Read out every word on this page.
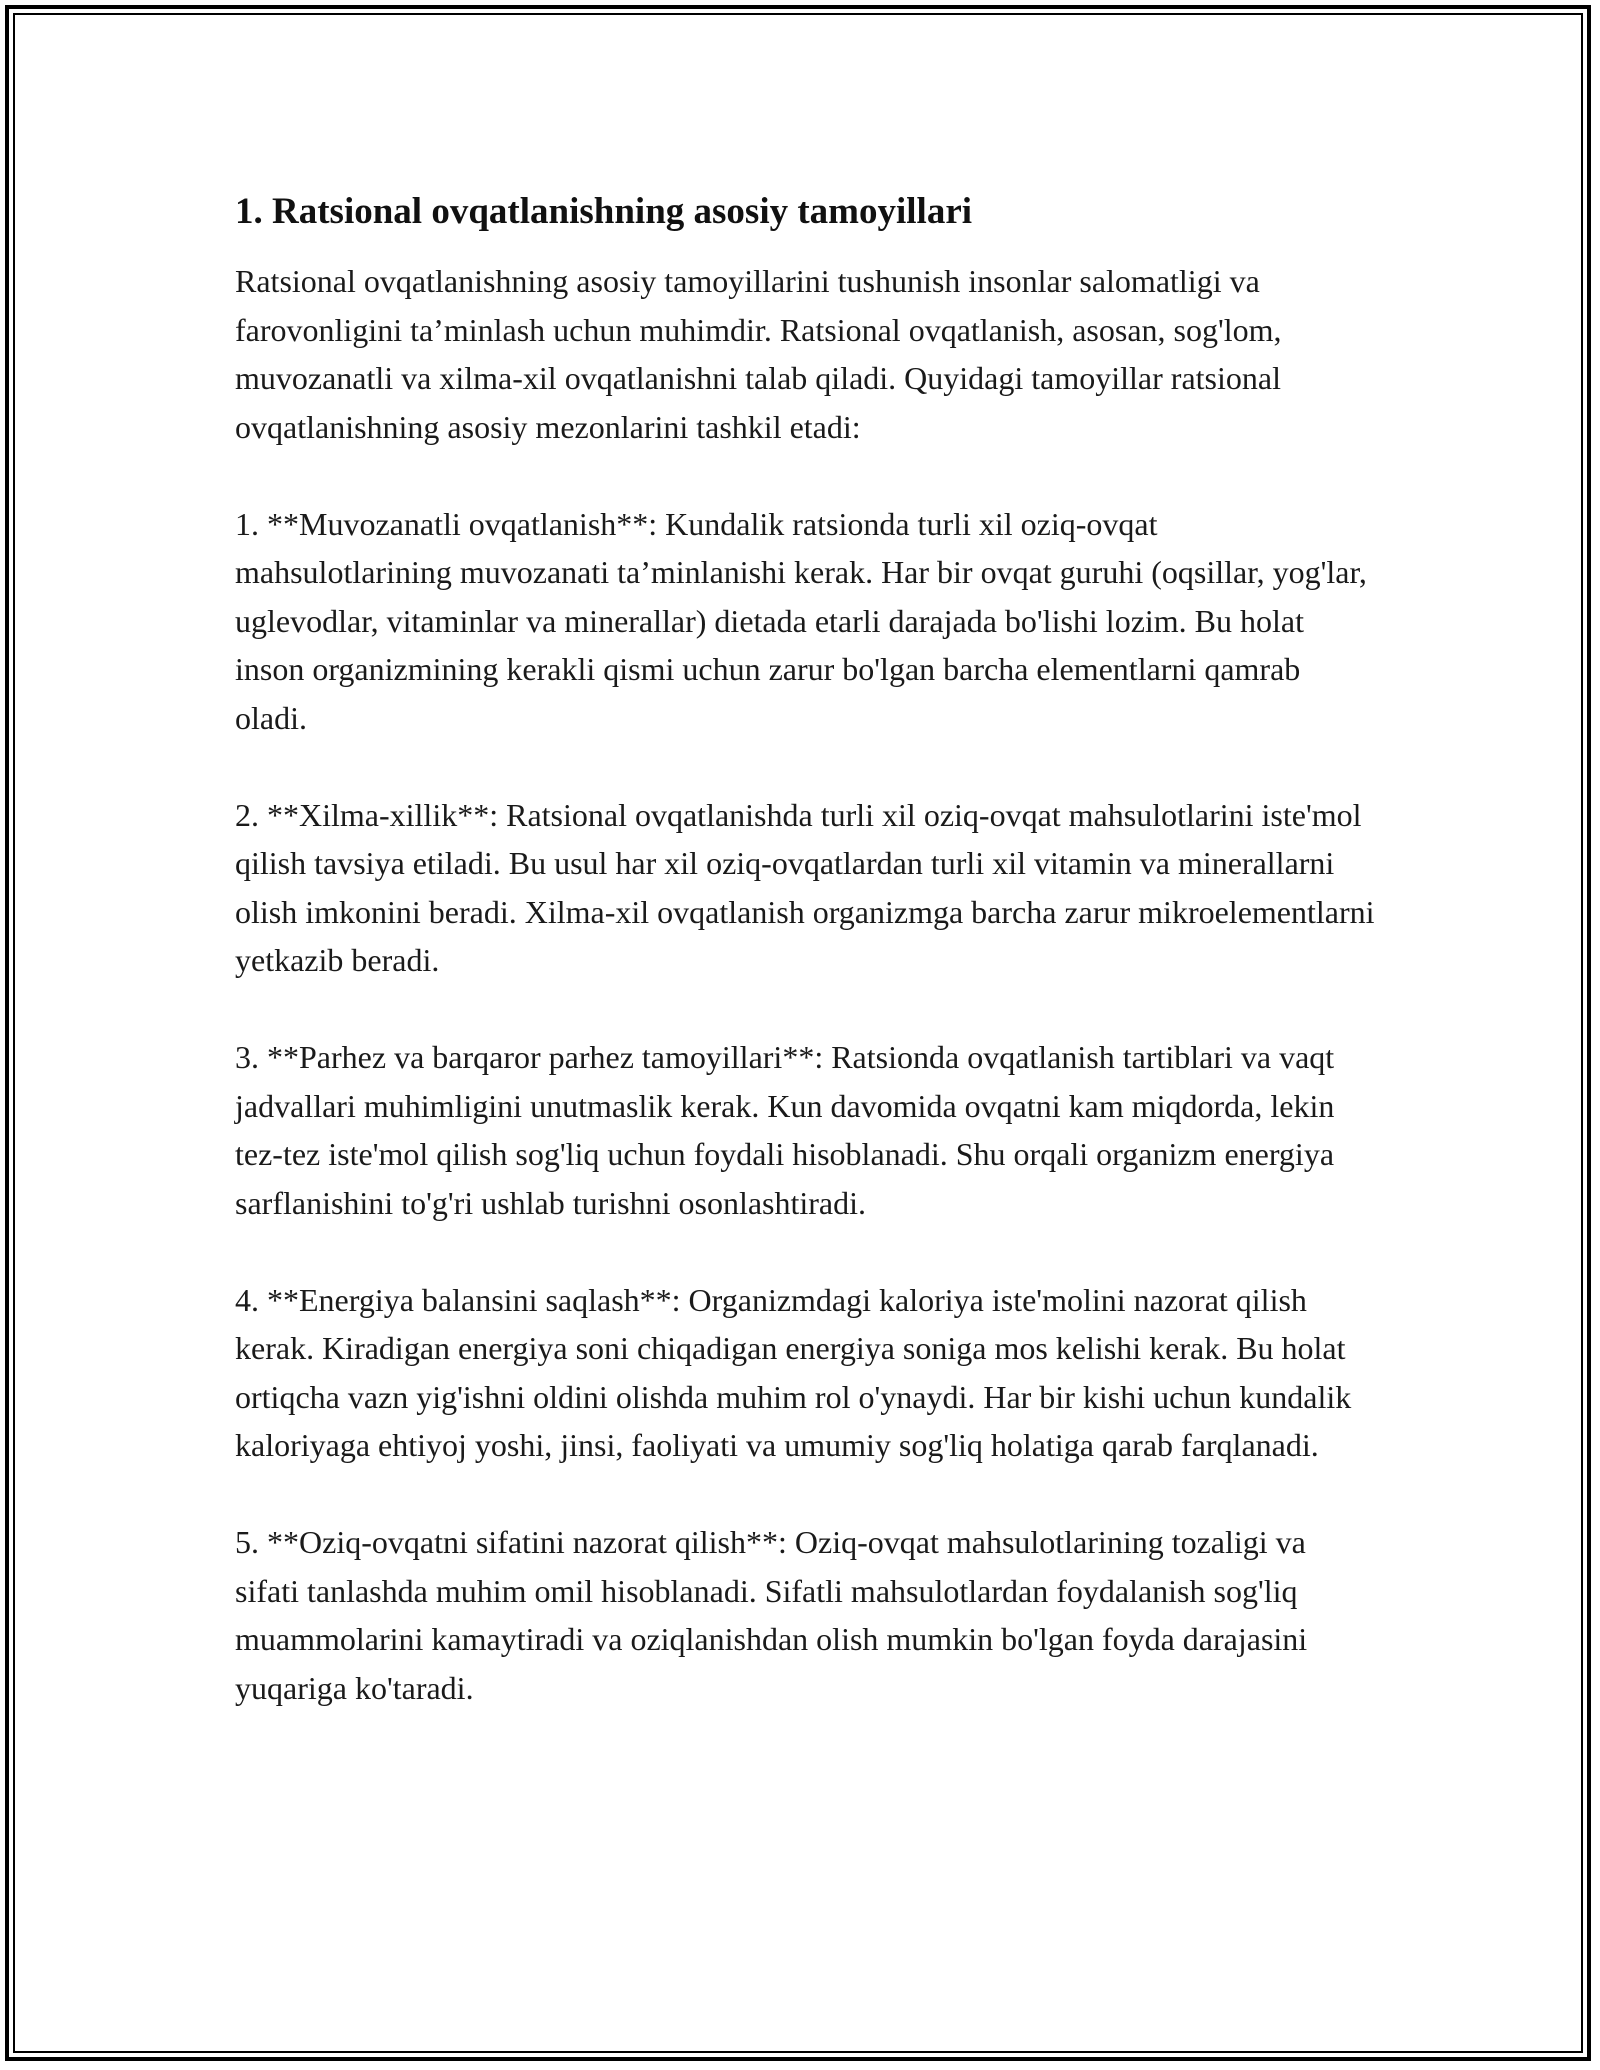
1. Ratsional ovqatlanishning asosiy tamoyillari

Ratsional ovqatlanishning asosiy tamoyillarini tushunish insonlar salomatligi va farovonligini ta’minlash uchun muhimdir. Ratsional ovqatlanish, asosan, sog'lom, muvozanatli va xilma-xil ovqatlanishni talab qiladi. Quyidagi tamoyillar ratsional ovqatlanishning asosiy mezonlarini tashkil etadi:

1. **Muvozanatli ovqatlanish**: Kundalik ratsionda turli xil oziq-ovqat mahsulotlarining muvozanati ta’minlanishi kerak. Har bir ovqat guruhi (oqsillar, yog'lar, uglevodlar, vitaminlar va minerallar) dietada etarli darajada bo'lishi lozim. Bu holat inson organizmining kerakli qismi uchun zarur bo'lgan barcha elementlarni qamrab oladi.

2. **Xilma-xillik**: Ratsional ovqatlanishda turli xil oziq-ovqat mahsulotlarini iste'mol qilish tavsiya etiladi. Bu usul har xil oziq-ovqatlardan turli xil vitamin va minerallarni olish imkonini beradi. Xilma-xil ovqatlanish organizmga barcha zarur mikroelementlarni yetkazib beradi.

3. **Parhez va barqaror parhez tamoyillari**: Ratsionda ovqatlanish tartiblari va vaqt jadvallari muhimligini unutmaslik kerak. Kun davomida ovqatni kam miqdorda, lekin tez-tez iste'mol qilish sog'liq uchun foydali hisoblanadi. Shu orqali organizm energiya sarflanishini to'g'ri ushlab turishni osonlashtiradi.

4. **Energiya balansini saqlash**: Organizmdagi kaloriya iste'molini nazorat qilish kerak. Kiradigan energiya soni chiqadigan energiya soniga mos kelishi kerak. Bu holat ortiqcha vazn yig'ishni oldini olishda muhim rol o'ynaydi. Har bir kishi uchun kundalik kaloriyaga ehtiyoj yoshi, jinsi, faoliyati va umumiy sog'liq holatiga qarab farqlanadi.

5. **Oziq-ovqatni sifatini nazorat qilish**: Oziq-ovqat mahsulotlarining tozaligi va sifati tanlashda muhim omil hisoblanadi. Sifatli mahsulotlardan foydalanish sog'liq muammolarini kamaytiradi va oziqlanishdan olish mumkin bo'lgan foyda darajasini yuqariga ko'taradi.
